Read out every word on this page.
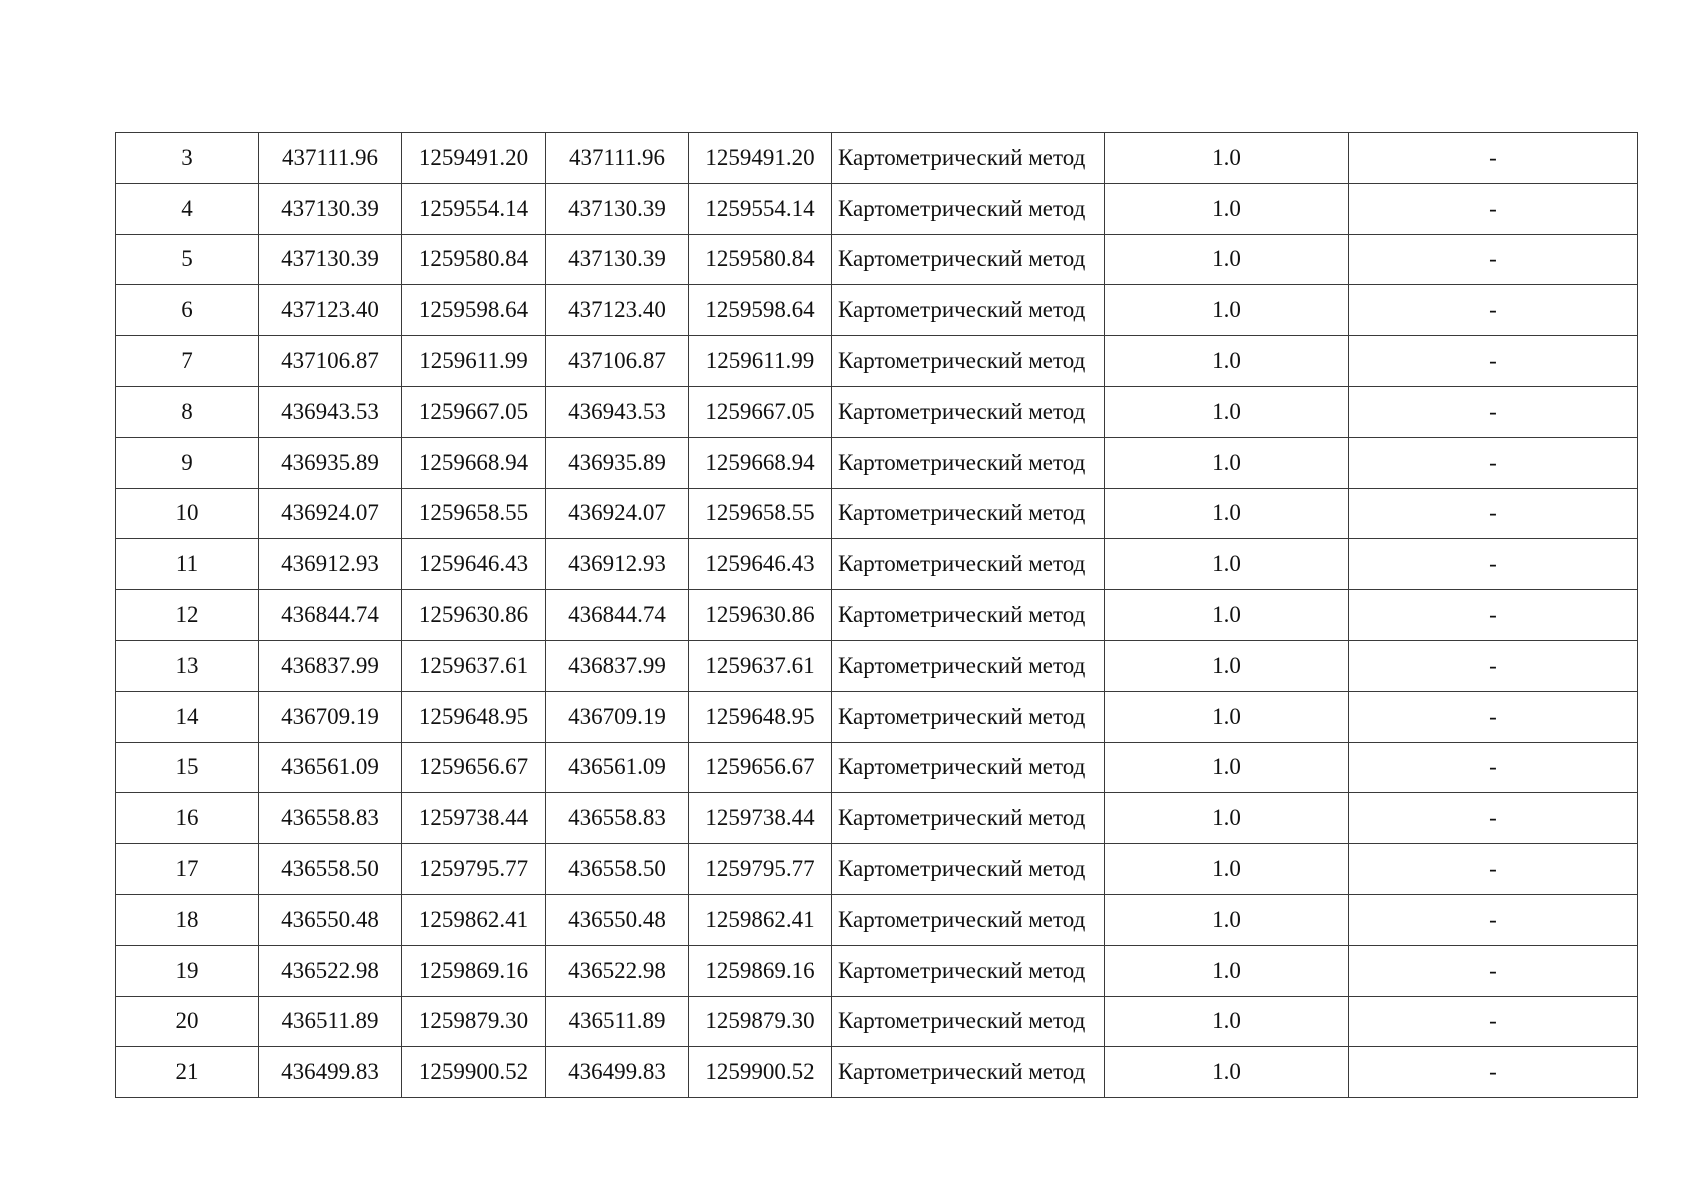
3	437111.96	1259491.20	437111.96	1259491.20	Картометрический метод	1.0	-
4	437130.39	1259554.14	437130.39	1259554.14	Картометрический метод	1.0	-
5	437130.39	1259580.84	437130.39	1259580.84	Картометрический метод	1.0	-
6	437123.40	1259598.64	437123.40	1259598.64	Картометрический метод	1.0	-
7	437106.87	1259611.99	437106.87	1259611.99	Картометрический метод	1.0	-
8	436943.53	1259667.05	436943.53	1259667.05	Картометрический метод	1.0	-
9	436935.89	1259668.94	436935.89	1259668.94	Картометрический метод	1.0	-
10	436924.07	1259658.55	436924.07	1259658.55	Картометрический метод	1.0	-
11	436912.93	1259646.43	436912.93	1259646.43	Картометрический метод	1.0	-
12	436844.74	1259630.86	436844.74	1259630.86	Картометрический метод	1.0	-
13	436837.99	1259637.61	436837.99	1259637.61	Картометрический метод	1.0	-
14	436709.19	1259648.95	436709.19	1259648.95	Картометрический метод	1.0	-
15	436561.09	1259656.67	436561.09	1259656.67	Картометрический метод	1.0	-
16	436558.83	1259738.44	436558.83	1259738.44	Картометрический метод	1.0	-
17	436558.50	1259795.77	436558.50	1259795.77	Картометрический метод	1.0	-
18	436550.48	1259862.41	436550.48	1259862.41	Картометрический метод	1.0	-
19	436522.98	1259869.16	436522.98	1259869.16	Картометрический метод	1.0	-
20	436511.89	1259879.30	436511.89	1259879.30	Картометрический метод	1.0	-
21	436499.83	1259900.52	436499.83	1259900.52	Картометрический метод	1.0	-
